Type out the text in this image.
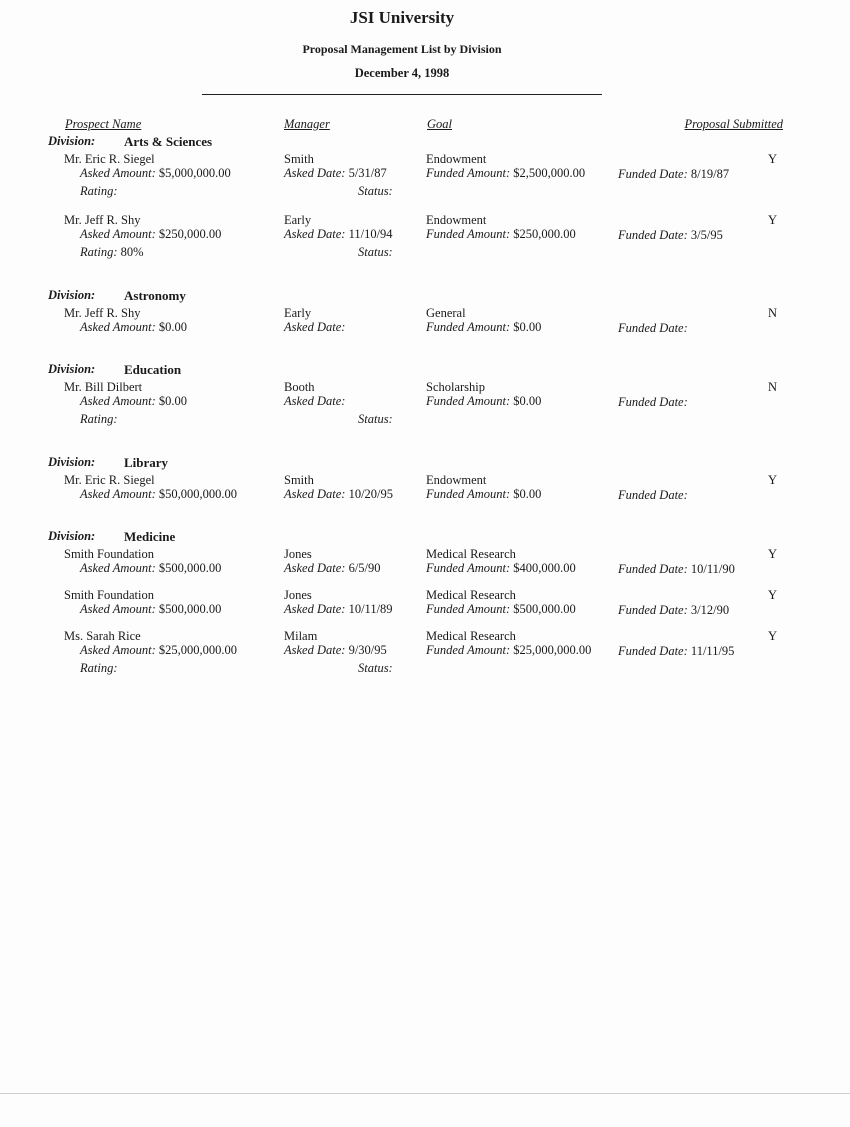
JSI University
Proposal Management List by Division
December 4, 1998
Prospect Name	Manager	Goal	Proposal Submitted
Division: Arts & Sciences
Mr. Eric R. Siegel	Smith	Endowment	Y
Asked Amount: $5,000,000.00	Asked Date: 5/31/87	Funded Amount: $2,500,000.00	Funded Date: 8/19/87
Rating:	Status:
Mr. Jeff R. Shy	Early	Endowment	Y
Asked Amount: $250,000.00	Asked Date: 11/10/94	Funded Amount: $250,000.00	Funded Date: 3/5/95
Rating: 80%	Status:
Division: Astronomy
Mr. Jeff R. Shy	Early	General	N
Asked Amount: $0.00	Asked Date:	Funded Amount: $0.00	Funded Date:
Division: Education
Mr. Bill Dilbert	Booth	Scholarship	N
Asked Amount: $0.00	Asked Date:	Funded Amount: $0.00	Funded Date:
Rating:	Status:
Division: Library
Mr. Eric R. Siegel	Smith	Endowment	Y
Asked Amount: $50,000,000.00	Asked Date: 10/20/95	Funded Amount: $0.00	Funded Date:
Division: Medicine
Smith Foundation	Jones	Medical Research	Y
Asked Amount: $500,000.00	Asked Date: 6/5/90	Funded Amount: $400,000.00	Funded Date: 10/11/90
Smith Foundation	Jones	Medical Research	Y
Asked Amount: $500,000.00	Asked Date: 10/11/89	Funded Amount: $500,000.00	Funded Date: 3/12/90
Ms. Sarah Rice	Milam	Medical Research	Y
Asked Amount: $25,000,000.00	Asked Date: 9/30/95	Funded Amount: $25,000,000.00 Funded Date: 11/11/95
Rating:	Status:
